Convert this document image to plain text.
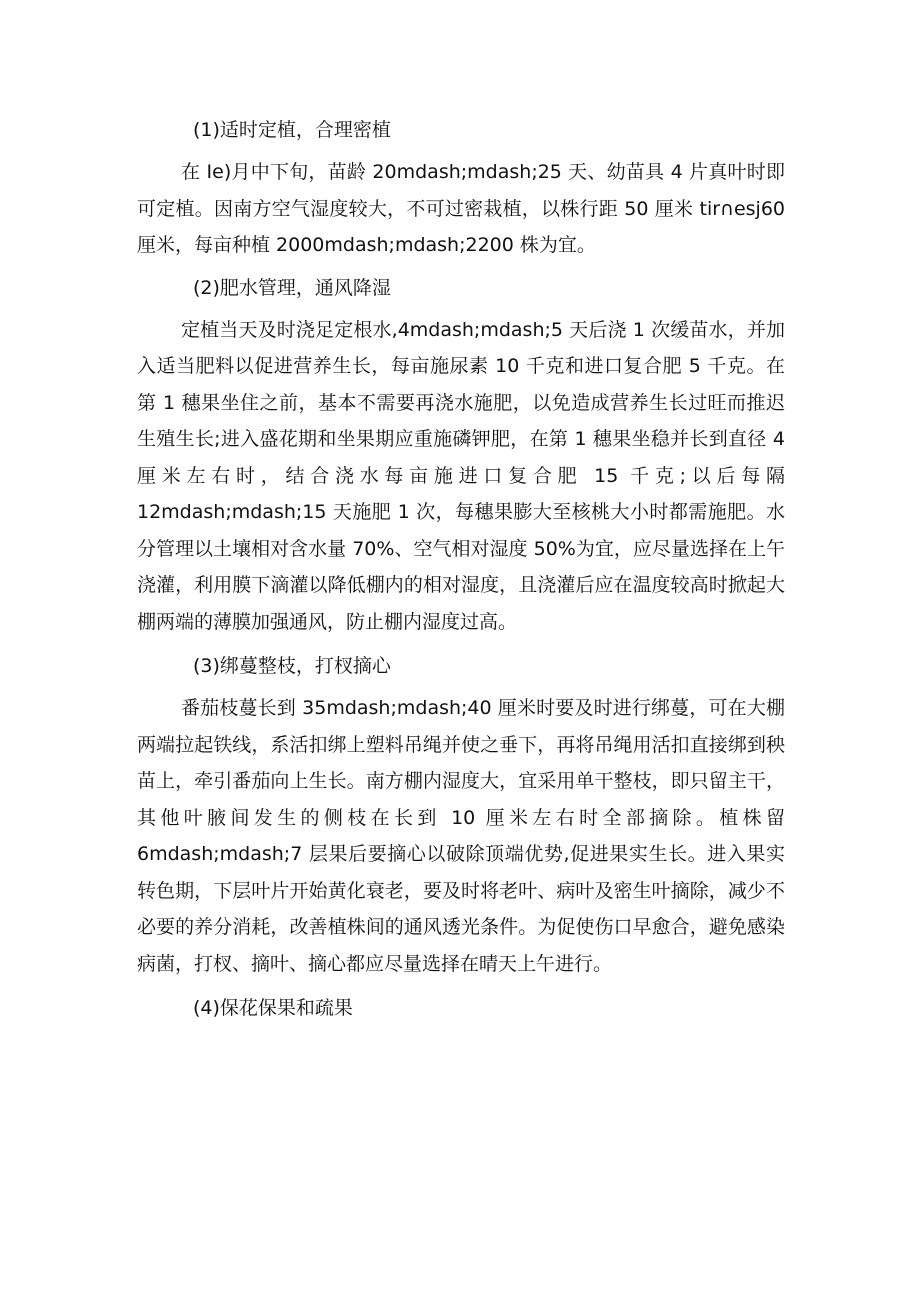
(1)适时定植，合理密植

在 Ie)月中下旬，苗龄 20mdash;mdash;25 天、幼苗具 4 片真叶时即可定植。因南方空气湿度较大，不可过密栽植，以株行距 50 厘米 tir∩esj60 厘米，每亩种植 2000mdash;mdash;2200 株为宜。

(2)肥水管理，通风降湿

定植当天及时浇足定根水,4mdash;mdash;5 天后浇 1 次缓苗水，并加入适当肥料以促进营养生长，每亩施尿素 10 千克和进口复合肥 5 千克。在第 1 穗果坐住之前，基本不需要再浇水施肥，以免造成营养生长过旺而推迟生殖生长;进入盛花期和坐果期应重施磷钾肥，在第 1 穗果坐稳并长到直径 4 厘米左右时，结合浇水每亩施进口复合肥 15 千克;以后每隔 12mdash;mdash;15 天施肥 1 次，每穗果膨大至核桃大小时都需施肥。水分管理以土壤相对含水量 70%、空气相对湿度 50%为宜，应尽量选择在上午浇灌，利用膜下滴灌以降低棚内的相对湿度，且浇灌后应在温度较高时掀起大棚两端的薄膜加强通风，防止棚内湿度过高。

(3)绑蔓整枝，打杈摘心

番茄枝蔓长到 35mdash;mdash;40 厘米时要及时进行绑蔓，可在大棚两端拉起铁线，系活扣绑上塑料吊绳并使之垂下，再将吊绳用活扣直接绑到秧苗上，牵引番茄向上生长。南方棚内湿度大，宜采用单干整枝，即只留主干，其他叶腋间发生的侧枝在长到 10 厘米左右时全部摘除。植株留 6mdash;mdash;7 层果后要摘心以破除顶端优势,促进果实生长。进入果实转色期，下层叶片开始黄化衰老，要及时将老叶、病叶及密生叶摘除，减少不必要的养分消耗，改善植株间的通风透光条件。为促使伤口早愈合，避免感染病菌，打杈、摘叶、摘心都应尽量选择在晴天上午进行。

(4)保花保果和疏果
